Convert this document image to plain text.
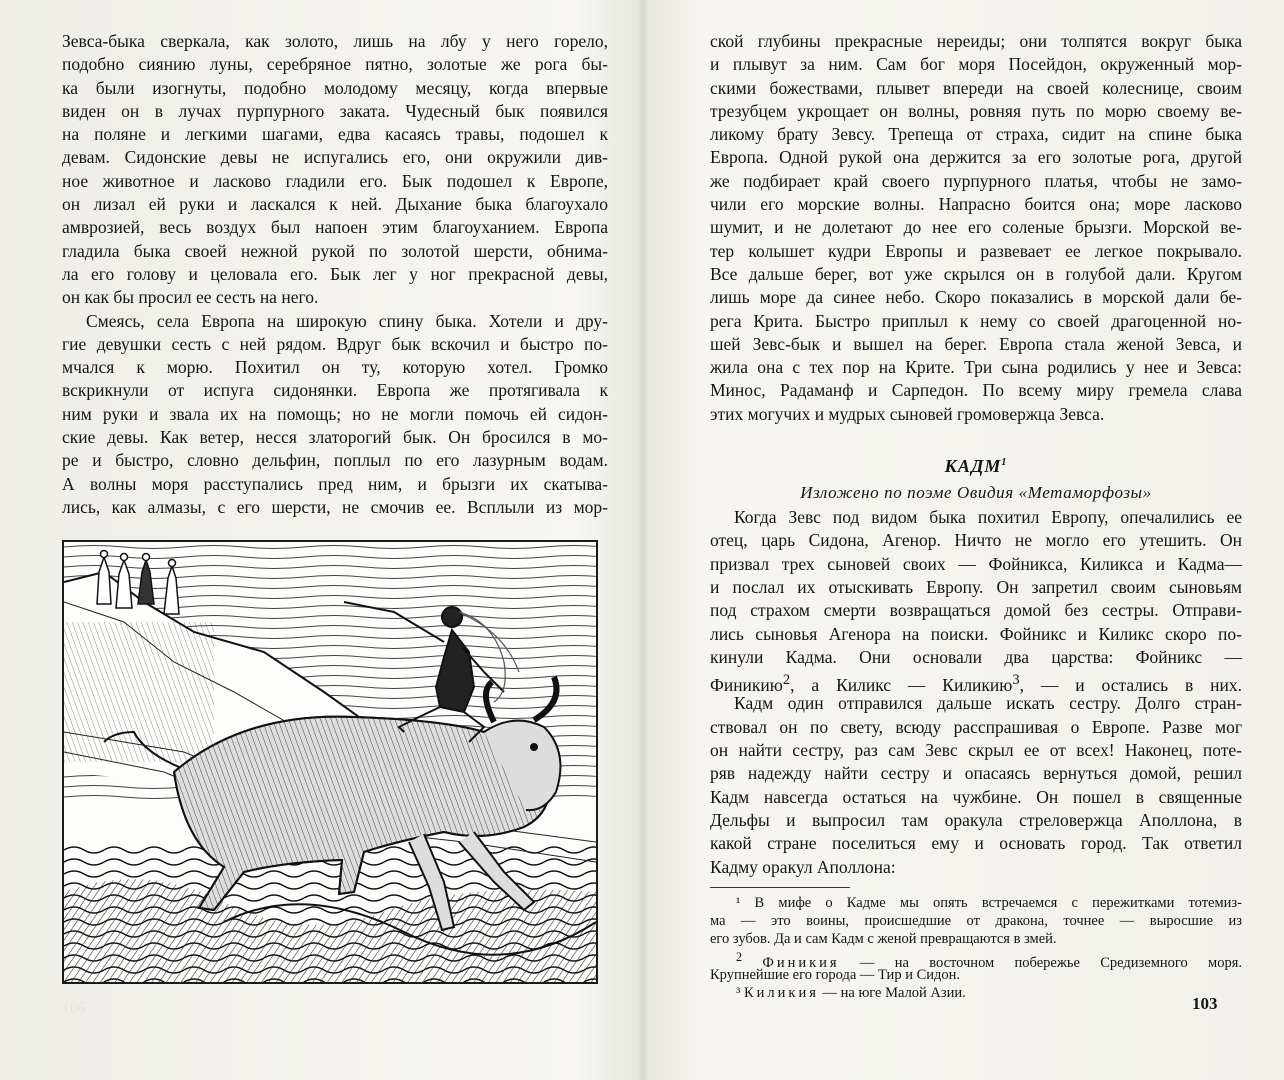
Зевса-быка сверкала, как золото, лишь на лбу у него горело,
подобно сиянию луны, серебряное пятно, золотые же рога бы-
ка были изогнуты, подобно молодому месяцу, когда впервые
виден он в лучах пурпурного заката. Чудесный бык появился
на поляне и легкими шагами, едва касаясь травы, подошел к
девам. Сидонские девы не испугались его, они окружили див-
ное животное и ласково гладили его. Бык подошел к Европе,
он лизал ей руки и ласкался к ней. Дыхание быка благоухало
амврозией, весь воздух был напоен этим благоуханием. Европа
гладила быка своей нежной рукой по золотой шерсти, обнима-
ла его голову и целовала его. Бык лег у ног прекрасной девы,
он как бы просил ее сесть на него.
Смеясь, села Европа на широкую спину быка. Хотели и дру-
гие девушки сесть с ней рядом. Вдруг бык вскочил и быстро по-
мчался к морю. Похитил он ту, которую хотел. Громко
вскрикнули от испуга сидонянки. Европа же протягивала к
ним руки и звала их на помощь; но не могли помочь ей сидон-
ские девы. Как ветер, несся златорогий бык. Он бросился в мо-
ре и быстро, словно дельфин, поплыл по его лазурным водам.
А волны моря расступались пред ним, и брызги их скатыва-
лись, как алмазы, с его шерсти, не смочив ее. Всплыли из мор-
166
ской глубины прекрасные нереиды; они толпятся вокруг быка
и плывут за ним. Сам бог моря Посейдон, окруженный мор-
скими божествами, плывет впереди на своей колеснице, своим
трезубцем укрощает он волны, ровняя путь по морю своему ве-
ликому брату Зевсу. Трепеща от страха, сидит на спине быка
Европа. Одной рукой она держится за его золотые рога, другой
же подбирает край своего пурпурного платья, чтобы не замо-
чили его морские волны. Напрасно боится она; море ласково
шумит, и не долетают до нее его соленые брызги. Морской ве-
тер колышет кудри Европы и развевает ее легкое покрывало.
Все дальше берег, вот уже скрылся он в голубой дали. Кругом
лишь море да синее небо. Скоро показались в морской дали бе-
рега Крита. Быстро приплыл к нему со своей драгоценной но-
шей Зевс-бык и вышел на берег. Европа стала женой Зевса, и
жила она с тех пор на Крите. Три сына родились у нее и Зевса:
Минос, Радаманф и Сарпедон. По всему миру гремела слава
этих могучих и мудрых сыновей громовержца Зевса.
КАДМ$^1$
Изложено по поэме Овидия «Метаморфозы»
Когда Зевс под видом быка похитил Европу, опечалились ее
отец, царь Сидона, Агенор. Ничто не могло его утешить. Он
призвал трех сыновей своих — Фойникса, Киликса и Кадма—
и послал их отыскивать Европу. Он запретил своим сыновьям
под страхом смерти возвращаться домой без сестры. Отправи-
лись сыновья Агенора на поиски. Фойникс и Киликс скоро по-
кинули Кадма. Они основали два царства: Фойникс —
Финикию$^2$, а Киликс — Киликию$^3$, — и остались в них.
Кадм один отправился дальше искать сестру. Долго стран-
ствовал он по свету, всюду расспрашивая о Европе. Разве мог
он найти сестру, раз сам Зевс скрыл ее от всех! Наконец, поте-
ряв надежду найти сестру и опасаясь вернуться домой, решил
Кадм навсегда остаться на чужбине. Он пошел в священные
Дельфы и выпросил там оракула стреловержца Аполлона, в
какой стране поселиться ему и основать город. Так ответил
Кадму оракул Аполлона:
¹ В мифе о Кадме мы опять встречаемся с пережитками тотемиз-
ма — это воины, происшедшие от дракона, точнее — выросшие из
его зубов. Да и сам Кадм с женой превращаются в змей.
$^2$ Финикия — на восточном побережье Средиземного моря.
Крупнейшие его города — Тир и Сидон.
³ Киликия — на юге Малой Азии.
103
